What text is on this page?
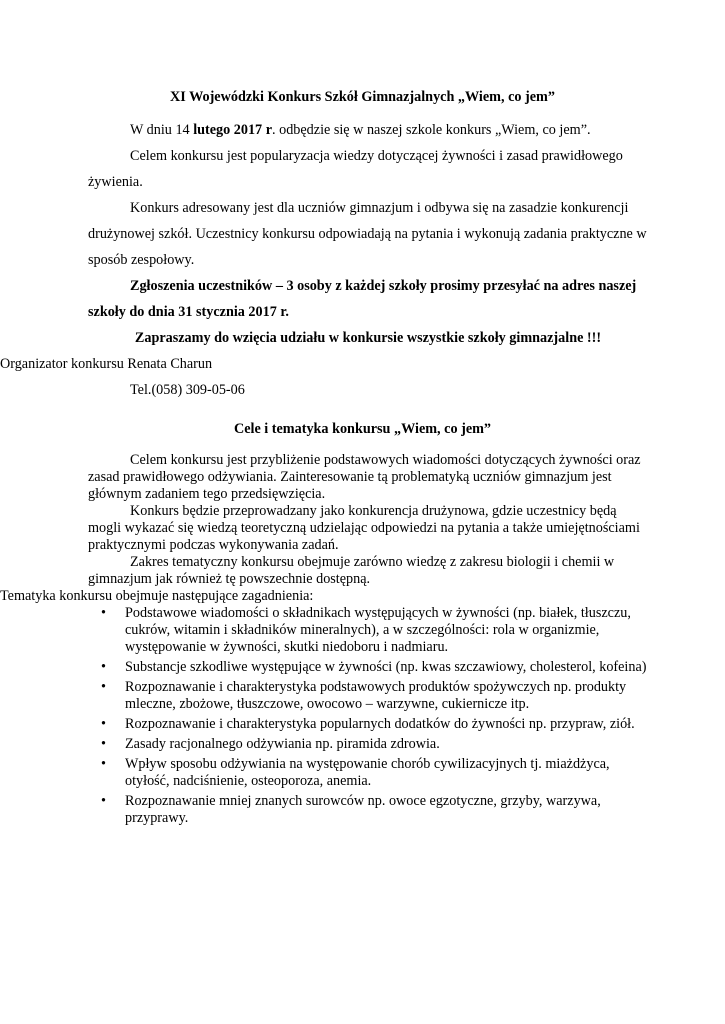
XI Wojewódzki Konkurs Szkół Gimnazjalnych „Wiem, co jem”

W dniu 14 lutego 2017 r. odbędzie się w naszej szkole konkurs „Wiem, co jem”.

Celem konkursu jest popularyzacja wiedzy dotyczącej żywności i zasad prawidłowego żywienia.

Konkurs adresowany jest dla uczniów gimnazjum i odbywa się na zasadzie konkurencji drużynowej szkół. Uczestnicy konkursu odpowiadają na pytania i wykonują zadania praktyczne w sposób zespołowy.

Zgłoszenia uczestników – 3 osoby z każdej szkoły prosimy przesyłać na adres naszej szkoły do dnia 31 stycznia 2017 r.

Zapraszamy do wzięcia udziału w konkursie wszystkie szkoły gimnazjalne !!!

Organizator konkursu Renata Charun

Tel.(058) 309-05-06

Cele i tematyka konkursu „Wiem, co jem”

Celem konkursu jest przybliżenie podstawowych wiadomości dotyczących żywności oraz zasad prawidłowego odżywiania. Zainteresowanie tą problematyką uczniów gimnazjum jest głównym zadaniem tego przedsięwzięcia.

Konkurs będzie przeprowadzany jako konkurencja drużynowa, gdzie uczestnicy będą mogli wykazać się wiedzą teoretyczną udzielając odpowiedzi na pytania a także umiejętnościami praktycznymi podczas wykonywania zadań.

Zakres tematyczny konkursu obejmuje zarówno wiedzę z zakresu biologii i chemii w gimnazjum jak również tę powszechnie dostępną.

Tematyka konkursu obejmuje następujące zagadnienia:

• Podstawowe wiadomości o składnikach występujących w żywności (np. białek, tłuszczu, cukrów, witamin i składników mineralnych), a w szczególności: rola w organizmie, występowanie w żywności, skutki niedoboru i nadmiaru.
• Substancje szkodliwe występujące w żywności (np. kwas szczawiowy, cholesterol, kofeina)
• Rozpoznawanie i charakterystyka podstawowych produktów spożywczych np. produkty mleczne, zbożowe, tłuszczowe, owocowo – warzywne, cukiernicze itp.
• Rozpoznawanie i charakterystyka popularnych dodatków do żywności np. przypraw, ziół.
• Zasady racjonalnego odżywiania np. piramida zdrowia.
• Wpływ sposobu odżywiania na występowanie chorób cywilizacyjnych tj. miażdżyca, otyłość, nadciśnienie, osteoporoza, anemia.
• Rozpoznawanie mniej znanych surowców np. owoce egzotyczne, grzyby, warzywa, przyprawy.
